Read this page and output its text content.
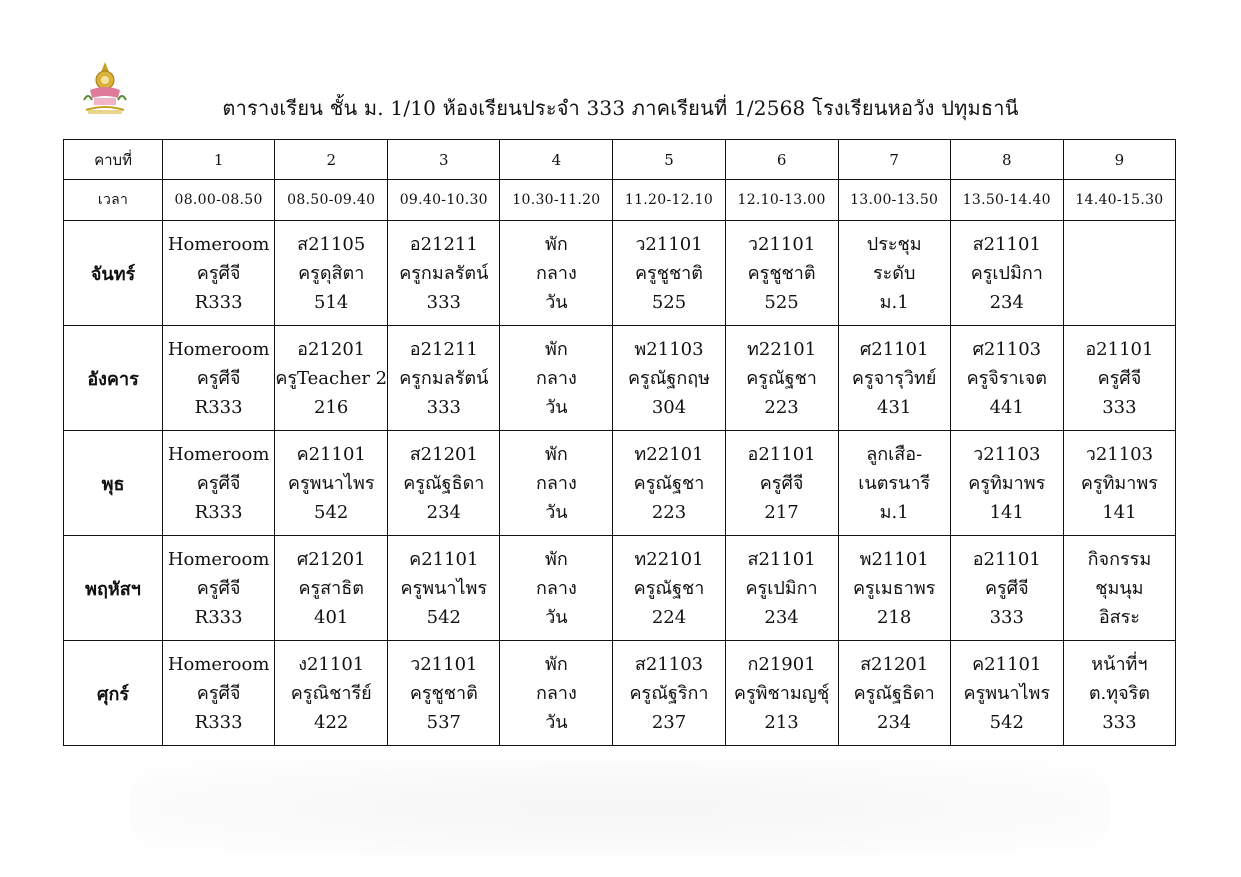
ตารางเรียน ชั้น ม. 1/10 ห้องเรียนประจำ 333 ภาคเรียนที่ 1/2568 โรงเรียนหอวัง ปทุมธานี
คาบที่	1	2	3	4	5	6	7	8	9
เวลา	08.00-08.50	08.50-09.40	09.40-10.30	10.30-11.20	11.20-12.10	12.10-13.00	13.00-13.50	13.50-14.40	14.40-15.30
จันทร์	Homeroom
ครูศีจี
R333	ส21105
ครูดุสิตา
514	อ21211
ครูกมลรัตน์
333	พัก
กลาง
วัน	ว21101
ครูชูชาติ
525	ว21101
ครูชูชาติ
525	ประชุม
ระดับ
ม.1	ส21101
ครูเปมิกา
234	

อังคาร	Homeroom
ครูศีจี
R333	อ21201
ครูTeacher 2
216	อ21211
ครูกมลรัตน์
333	พัก
กลาง
วัน	พ21103
ครูณัฐกฤษ
304	ท22101
ครูณัฐชา
223	ศ21101
ครูจารุวิทย์
431	ศ21103
ครูจิราเจต
441	อ21101
ครูศีจี
333

พุธ	Homeroom
ครูศีจี
R333	ค21101
ครูพนาไพร
542	ส21201
ครูณัฐธิดา
234	พัก
กลาง
วัน	ท22101
ครูณัฐชา
223	อ21101
ครูศีจี
217	ลูกเสือ-
เนตรนารี
ม.1	ว21103
ครูทิมาพร
141	ว21103
ครูทิมาพร
141

พฤหัสฯ	Homeroom
ครูศีจี
R333	ศ21201
ครูสาธิต
401	ค21101
ครูพนาไพร
542	พัก
กลาง
วัน	ท22101
ครูณัฐชา
224	ส21101
ครูเปมิกา
234	พ21101
ครูเมธาพร
218	อ21101
ครูศีจี
333	กิจกรรม
ชุมนุม
อิสระ

ศุกร์	Homeroom
ครูศีจี
R333	ง21101
ครูณิชารีย์
422	ว21101
ครูชูชาติ
537	พัก
กลาง
วัน	ส21103
ครูณัฐริกา
237	ก21901
ครูพิชามญชุ์
213	ส21201
ครูณัฐธิดา
234	ค21101
ครูพนาไพร
542	หน้าที่ฯ
ต.ทุจริต
333
